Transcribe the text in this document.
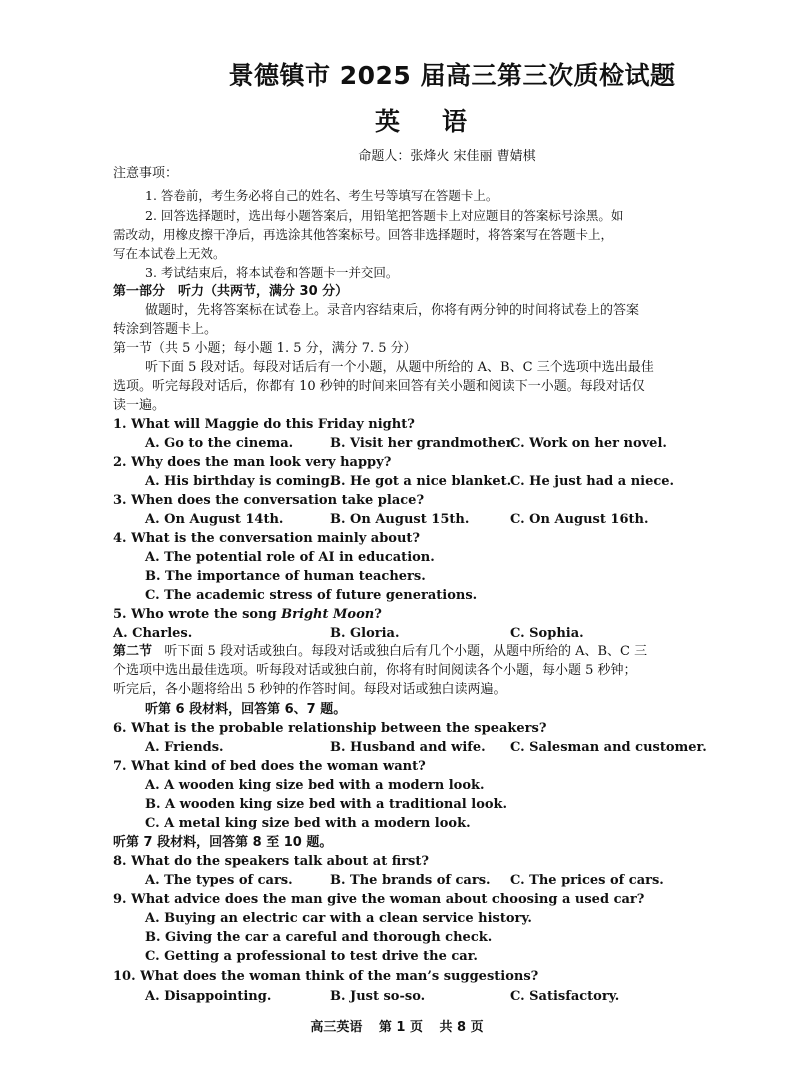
景德镇市 2025 届高三第三次质检试题
英语
命题人：张烽火 宋佳丽 曹婧棋
注意事项：
1. 答卷前，考生务必将自己的姓名、考生号等填写在答题卡上。
2. 回答选择题时，选出每小题答案后，用铅笔把答题卡上对应题目的答案标号涂黑。如
需改动，用橡皮擦干净后，再选涂其他答案标号。回答非选择题时，将答案写在答题卡上，
写在本试卷上无效。
3. 考试结束后，将本试卷和答题卡一并交回。
第一部分　听力（共两节，满分 30 分）
做题时，先将答案标在试卷上。录音内容结束后，你将有两分钟的时间将试卷上的答案
转涂到答题卡上。
第一节（共 5 小题；每小题 1. 5 分，满分 7. 5 分）
听下面 5 段对话。每段对话后有一个小题，从题中所给的 A、B、C 三个选项中选出最佳
选项。听完每段对话后，你都有 10 秒钟的时间来回答有关小题和阅读下一小题。每段对话仅
读一遍。
1. What will Maggie do this Friday night?
A. Go to the cinema.	B. Visit her grandmother.
C. Work on her novel.
2. Why does the man look very happy?
A. His birthday is coming.
B. He got a nice blanket.
C. He just had a niece.
3. When does the conversation take place?
A. On August 14th.	B. On August 15th.	C. On August 16th.
4. What is the conversation mainly about?
A. The potential role of AI in education.
B. The importance of human teachers.
C. The academic stress of future generations.
5. Who wrote the song Bright Moon?
A. Charles.	B. Gloria.	C. Sophia.
第二节 听下面 5 段对话或独白。每段对话或独白后有几个小题，从题中所给的 A、B、C 三
个选项中选出最佳选项。听每段对话或独白前，你将有时间阅读各个小题，每小题 5 秒钟；
听完后，各小题将给出 5 秒钟的作答时间。每段对话或独白读两遍。
听第 6 段材料，回答第 6、7 题。
6. What is the probable relationship between the speakers?
A. Friends.	B. Husband and wife. C. Salesman and customer.
7. What kind of bed does the woman want?
A. A wooden king size bed with a modern look.
B. A wooden king size bed with a traditional look.
C. A metal king size bed with a modern look.
听第 7 段材料，回答第 8 至 10 题。
8. What do the speakers talk about at first?
A. The types of cars.	B. The brands of cars. C. The prices of cars.
9. What advice does the man give the woman about choosing a used car?
A. Buying an electric car with a clean service history.
B. Giving the car a careful and thorough check.
C. Getting a professional to test drive the car.
10. What does the woman think of the man’s suggestions?
A. Disappointing.	B. Just so-so.	C. Satisfactory.
高三英语 第 1 页 共 8 页
